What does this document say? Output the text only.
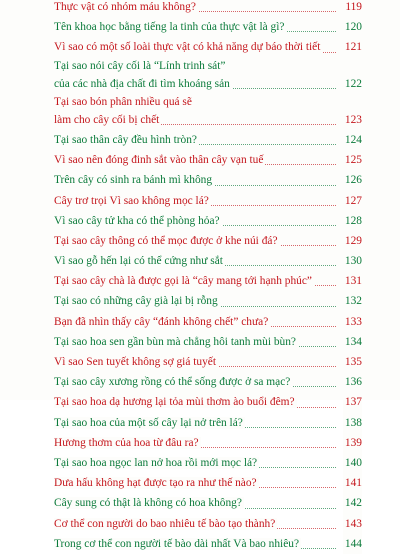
Thực vật có nhóm máu không?	119
Tên khoa học bằng tiếng la tinh của thực vật là gì?	120
Vì sao có một số loài thực vật có khả năng dự báo thời tiết 121
Tại sao nói cây cối là “Lính trinh sát”
của các nhà địa chất đi tìm khoáng sản	122
Tại sao bón phân nhiều quá sẽ
làm cho cây cối bị chết	123
Tại sao thân cây đều hình tròn?	124
Vì sao nên đóng đinh sắt vào thân cây vạn tuế	125
Trên cây có sinh ra bánh mì không	126
Cây trơ trọi Vì sao không mọc lá?	127
Vì sao cây tử kha có thể phòng hỏa?	128
Tại sao cây thông có thể mọc được ở khe núi đá?	129
Vì sao gỗ hến lại có thể cứng như sắt	130
Tại sao cây chà là được gọi là “cây mang tới hạnh phúc”	131
Tại sao có những cây già lại bị rỗng	132
Bạn đã nhìn thấy cây “đánh không chết” chưa?	133
Tại sao hoa sen gần bùn mà chẳng hôi tanh mùi bùn?	134
Vì sao Sen tuyết không sợ giá tuyết	135
Tại sao cây xương rồng có thể sống được ở sa mạc?	136
Tại sao hoa dạ hương lại tỏa mùi thơm ào buổi đêm?	137
Tại sao hoa của một số cây lại nở trên lá?	138
Hương thơm của hoa từ đâu ra?	139
Tại sao hoa ngọc lan nở hoa rồi mới mọc lá?	140
Dưa hấu không hạt được tạo ra như thế nào?	141
Cây sung có thật là không có hoa không?	142
Cơ thể con người do bao nhiêu tế bào tạo thành?	143
Trong cơ thể con người tế bào dài nhất Và bao nhiêu?	144
